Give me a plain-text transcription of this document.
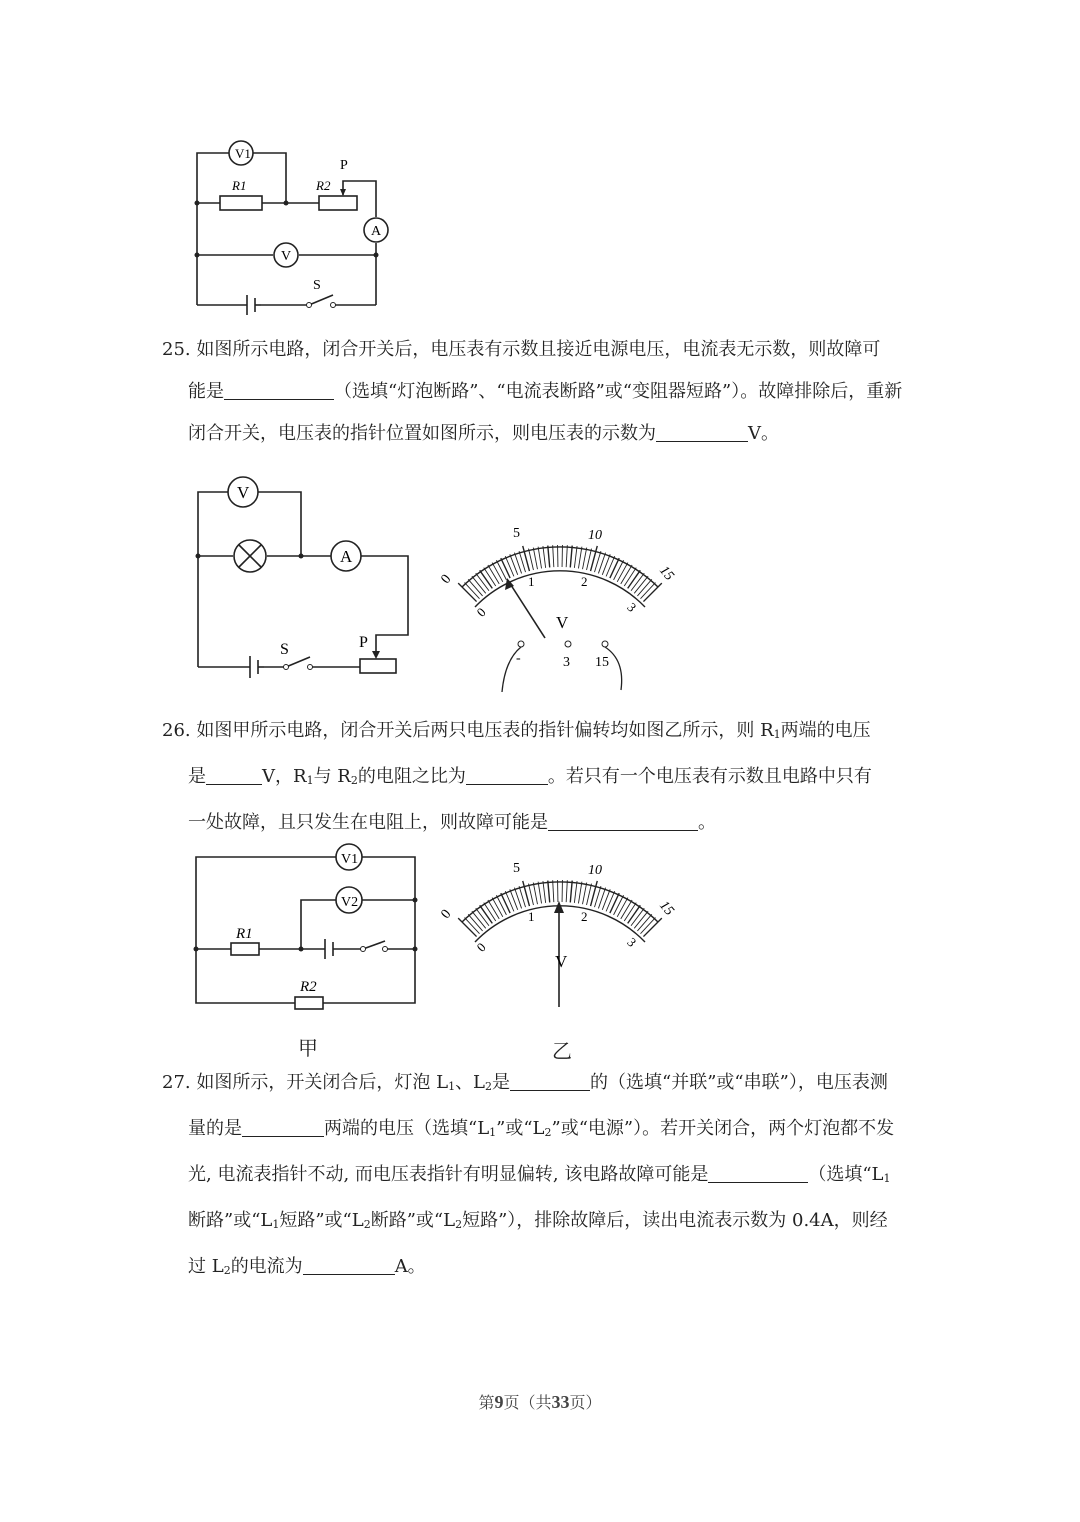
V1
V
A
R1	R2
P
S
25. 如图所示电路，闭合开关后，电压表有示数且接近电源电压，电流表无示数，则故障可
能是	（选填“灯泡断路”、“电流表断路”或“变阻器短路”）。故障排除后，重新
闭合开关，电压表的指针位置如图所示，则电压表的示数为	V。
V
A
S	P
0
5	10
15
0
1	2
3
V
-	3 15
26. 如图甲所示电路，闭合开关后两只电压表的指针偏转均如图乙所示，则 R1两端的电压
是	V，R1与 R2的电阻之比为	。若只有一个电压表有示数且电路中只有
一处故障，且只发生在电阻上，则故障可能是	。
V1
V2
R1
R2
0
5	10
15
0
1	2
3
V
甲	乙
27. 如图所示，开关闭合后，灯泡 L1、L2是	的（选填“并联”或“串联”），电压表测
量的是	两端的电压（选填“L1”或“L2”或“电源”）。若开关闭合，两个灯泡都不发
光, 电流表指针不动, 而电压表指针有明显偏转, 该电路故障可能是	（选填“L1
断路”或“L1短路”或“L2断路”或“L2短路”），排除故障后，读出电流表示数为 0.4A，则经
过 L2的电流为	A。
第9页（共33页）
